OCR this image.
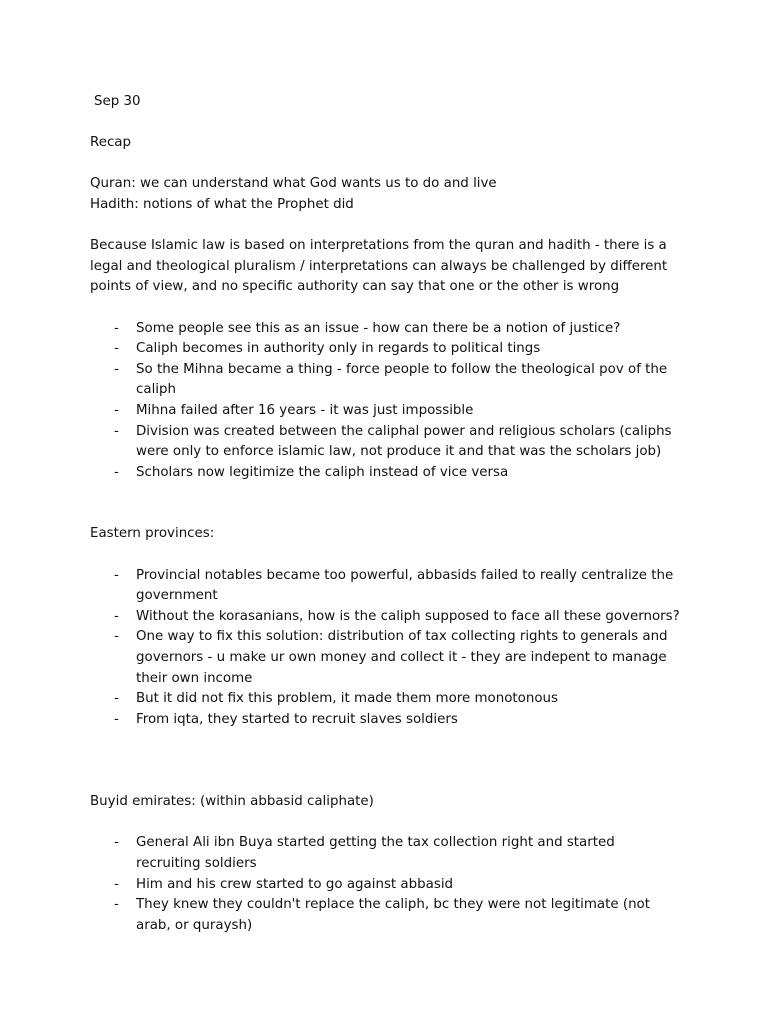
Sep 30

Recap

Quran: we can understand what God wants us to do and live

Hadith: notions of what the Prophet did

Because Islamic law is based on interpretations from the quran and hadith - there is a legal and theological pluralism / interpretations can always be challenged by different points of view, and no specific authority can say that one or the other is wrong

- Some people see this as an issue - how can there be a notion of justice?
- Caliph becomes in authority only in regards to political tings
- So the Mihna became a thing - force people to follow the theological pov of the caliph
- Mihna failed after 16 years - it was just impossible
- Division was created between the caliphal power and religious scholars (caliphs were only to enforce islamic law, not produce it and that was the scholars job)
- Scholars now legitimize the caliph instead of vice versa

Eastern provinces:

- Provincial notables became too powerful, abbasids failed to really centralize the government
- Without the korasanians, how is the caliph supposed to face all these governors?
- One way to fix this solution: distribution of tax collecting rights to generals and governors - u make ur own money and collect it - they are indepent to manage their own income
- But it did not fix this problem, it made them more monotonous
- From iqta, they started to recruit slaves soldiers

Buyid emirates: (within abbasid caliphate)

- General Ali ibn Buya started getting the tax collection right and started recruiting soldiers
- Him and his crew started to go against abbasid
- They knew they couldn't replace the caliph, bc they were not legitimate (not arab, or quraysh)
